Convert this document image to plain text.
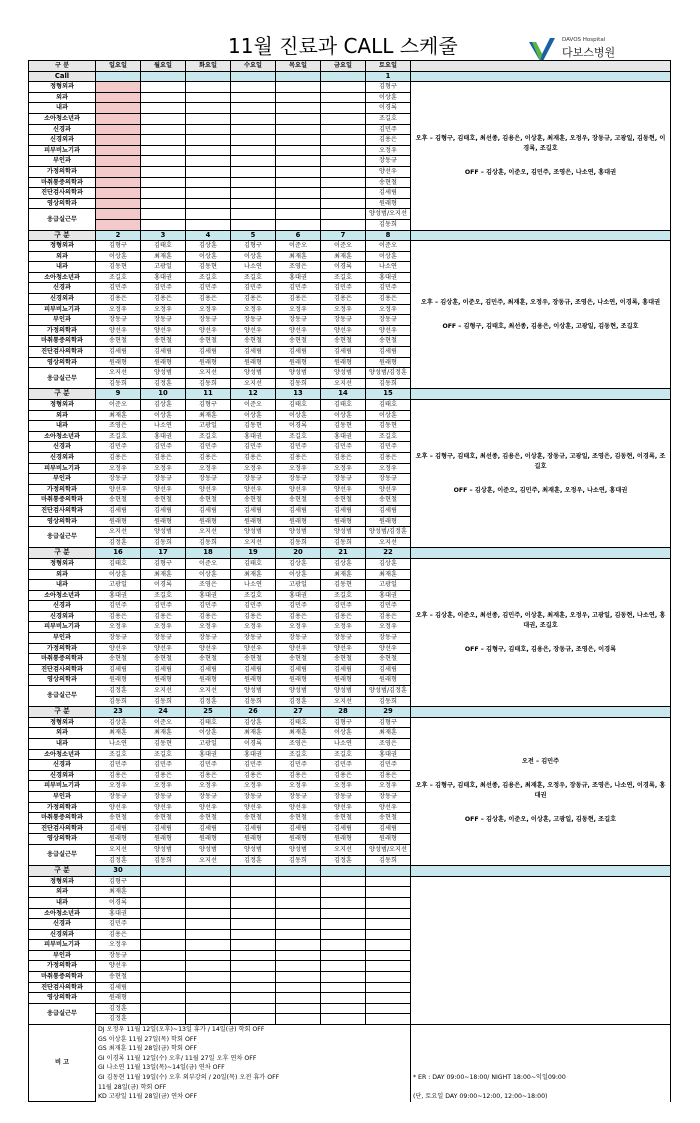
11월 진료과 CALL 스케줄	DAVOS Hospital
다보스병원
구 분	일요일	월요일	화요일	수요일	목요일	금요일	토요일	
Call							1	
정형외과							김형구	오후 – 김형구, 김태호, 최선종, 김용은, 이상훈, 최재훈, 오정우, 장동규, 고광일, 김동현, 이경록, 조길호
OFF – 김상훈, 이준오, 김민주, 조영은, 나소연, 홍대권

외과							이상훈	
내과							이경록	
소아청소년과							조길호	
신경과							김민주	
신경외과							김용은	
피부비뇨기과							오정우	
부인과							장동규	
가정의학과							양선우	
마취통증의학과							송현철	
진단검사의학과							김세림	
영상의학과							원래형	
응급실근무							양성범/오지선	
							김동희	
구 분	2	3	4	5	6	7	8	
정형외과	김형구	김태호	김상훈	김형구	이준오	이준오	이준오	오후 – 김상훈, 이준오, 김민주, 최재훈, 오정우, 장동규, 조영은, 나소연, 이경록, 홍대권
OFF – 김형구, 김태호, 최선종, 김용은, 이상훈, 고광일, 김동현, 조길호

외과	이상훈	최재훈	이상훈	이상훈	최재훈	최재훈	이상훈	
내과	김동현	고광일	김동현	나소연	조영은	이경록	나소연	
소아청소년과	조길호	홍대권	조길호	조길호	홍대권	조길호	홍대권	
신경과	김민주	김민주	김민주	김민주	김민주	김민주	김민주	
신경외과	김용은	김용은	김용은	김용은	김용은	김용은	김용은	
피부비뇨기과	오정우	오정우	오정우	오정우	오정우	오정우	오정우	
부인과	장동규	장동규	장동규	장동규	장동규	장동규	장동규	
가정의학과	양선우	양선우	양선우	양선우	양선우	양선우	양선우	
마취통증의학과	송현철	송현철	송현철	송현철	송현철	송현철	송현철	
진단검사의학과	김세림	김세림	김세림	김세림	김세림	김세림	김세림	
영상의학과	원래형	원래형	원래형	원래형	원래형	원래형	원래형	
응급실근무	오지선	양성범	오지선	양성범	양성범	양성범	양성범/김정훈	
	김동희	김정훈	김동희	오지선	김동희	오지선	김동희	
구 분	9	10	11	12	13	14	15	
정형외과	이준오	김상훈	김형구	이준오	김태호	김태호	김태호	오후 – 김형구, 김태호, 최선종, 김용은, 이상훈, 장동규, 고광일, 조영은, 김동현, 이경록, 조길호
OFF – 김상훈, 이준오, 김민주, 최재훈, 오정우, 나소연, 홍대권

외과	최재훈	이상훈	최재훈	이상훈	이상훈	이상훈	이상훈	
내과	조영은	나소연	고광일	김동현	이경록	김동현	김동현	
소아청소년과	조길호	홍대권	조길호	홍대권	조길호	홍대권	조길호	
신경과	김민주	김민주	김민주	김민주	김민주	김민주	김민주	
신경외과	김용은	김용은	김용은	김용은	김용은	김용은	김용은	
피부비뇨기과	오정우	오정우	오정우	오정우	오정우	오정우	오정우	
부인과	장동규	장동규	장동규	장동규	장동규	장동규	장동규	
가정의학과	양선우	양선우	양선우	양선우	양선우	양선우	양선우	
마취통증의학과	송현철	송현철	송현철	송현철	송현철	송현철	송현철	
진단검사의학과	김세림	김세림	김세림	김세림	김세림	김세림	김세림	
영상의학과	원래형	원래형	원래형	원래형	원래형	원래형	원래형	
응급실근무	오지선	양성범	오지선	양성범	양성범	양성범	양성범/김정훈	
	김정훈	김동희	김동희	오지선	김동희	김동희	오지선	
구 분	16	17	18	19	20	21	22	
정형외과	김태호	김형구	이준오	김태호	김상훈	김상훈	김상훈	오후 – 김상훈, 이준오, 최선종, 김민주, 이상훈, 최재훈, 오정우, 고광일, 김동현, 나소연, 홍대권, 조길호
OFF – 김형구, 김태호, 김용은, 장동규, 조영은, 이경록

외과	이상훈	최재훈	이상훈	최재훈	이상훈	최재훈	최재훈	
내과	고광일	이경록	조영은	나소연	고광일	김동현	고광일	
소아청소년과	홍대권	조길호	홍대권	조길호	홍대권	조길호	홍대권	
신경과	김민주	김민주	김민주	김민주	김민주	김민주	김민주	
신경외과	김용은	김용은	김용은	김용은	김용은	김용은	김용은	
피부비뇨기과	오정우	오정우	오정우	오정우	오정우	오정우	오정우	
부인과	장동규	장동규	장동규	장동규	장동규	장동규	장동규	
가정의학과	양선우	양선우	양선우	양선우	양선우	양선우	양선우	
마취통증의학과	송현철	송현철	송현철	송현철	송현철	송현철	송현철	
진단검사의학과	김세림	김세림	김세림	김세림	김세림	김세림	김세림	
영상의학과	원래형	원래형	원래형	원래형	원래형	원래형	원래형	
응급실근무	김정훈	오지선	오지선	양성범	양성범	양성범	양성범/김정훈	
	김동희	김동희	김정훈	김동희	김정훈	오지선	김동희	
구 분	23	24	25	26	27	28	29	
정형외과	김상훈	이준오	김태호	김상훈	김태호	김형구	김형구	오전 – 김민주
오후 – 김형구, 김태호, 최선종, 김용은, 최재훈, 오정우, 장동규, 조영은, 나소연, 이경록, 홍대권
OFF – 김상훈, 이준오, 이상훈, 고광일, 김동현, 조길호

외과	최재훈	최재훈	이상훈	최재훈	최재훈	이상훈	최재훈	
내과	나소연	김동현	고광일	이경록	조영은	나소연	조영은	
소아청소년과	조길호	조길호	홍대권	홍대권	조길호	조길호	홍대권	
신경과	김민주	김민주	김민주	김민주	김민주	김민주	김민주	
신경외과	김용은	김용은	김용은	김용은	김용은	김용은	김용은	
피부비뇨기과	오정우	오정우	오정우	오정우	오정우	오정우	오정우	
부인과	장동규	장동규	장동규	장동규	장동규	장동규	장동규	
가정의학과	양선우	양선우	양선우	양선우	양선우	양선우	양선우	
마취통증의학과	송현철	송현철	송현철	송현철	송현철	송현철	송현철	
진단검사의학과	김세림	김세림	김세림	김세림	김세림	김세림	김세림	
영상의학과	원래형	원래형	원래형	원래형	원래형	원래형	원래형	
응급실근무	오지선	양성범	양성범	양성범	양성범	오지선	양성범/오지선	
	김정훈	김동희	오지선	김정훈	김동희	김정훈	김동희	
구 분	30							
정형외과	김형구							
외과	최재훈							
내과	이경록							
소아청소년과	홍대권							
신경과	김민주							
신경외과	김용은							
피부비뇨기과	오정우							
부인과	장동규							
가정의학과	양선우							
마취통증의학과	송현철							
진단검사의학과	김세림							
영상의학과	원래형							
응급실근무	김정훈							
	김정훈							
비 고	DJ 오정우 11월 12일(오후)~13일 휴가 / 14일(금) 학회 OFF							
	GS 이상훈 11월 27일(목) 학회 OFF							
	GS 최재훈 11월 28일(금) 학회 OFF							
	GI 이경록 11월 12일(수) 오후/ 11월 27일 오후 연차 OFF							
	GI 나소연 11월 13일(목)~14일(금) 연차 OFF							
	GI 김동현 11월 19일(수) 오후 외부강의 / 20일(목) 오전 휴가 OFF							* ER : DAY 09:00~18:00/ NIGHT 18:00~익일09:00
	11월 28일(금) 학회 OFF							
	KD 고광일 11월 28일(금) 연차 OFF							(단, 토요일 DAY 09:00~12:00, 12:00~18:00)
